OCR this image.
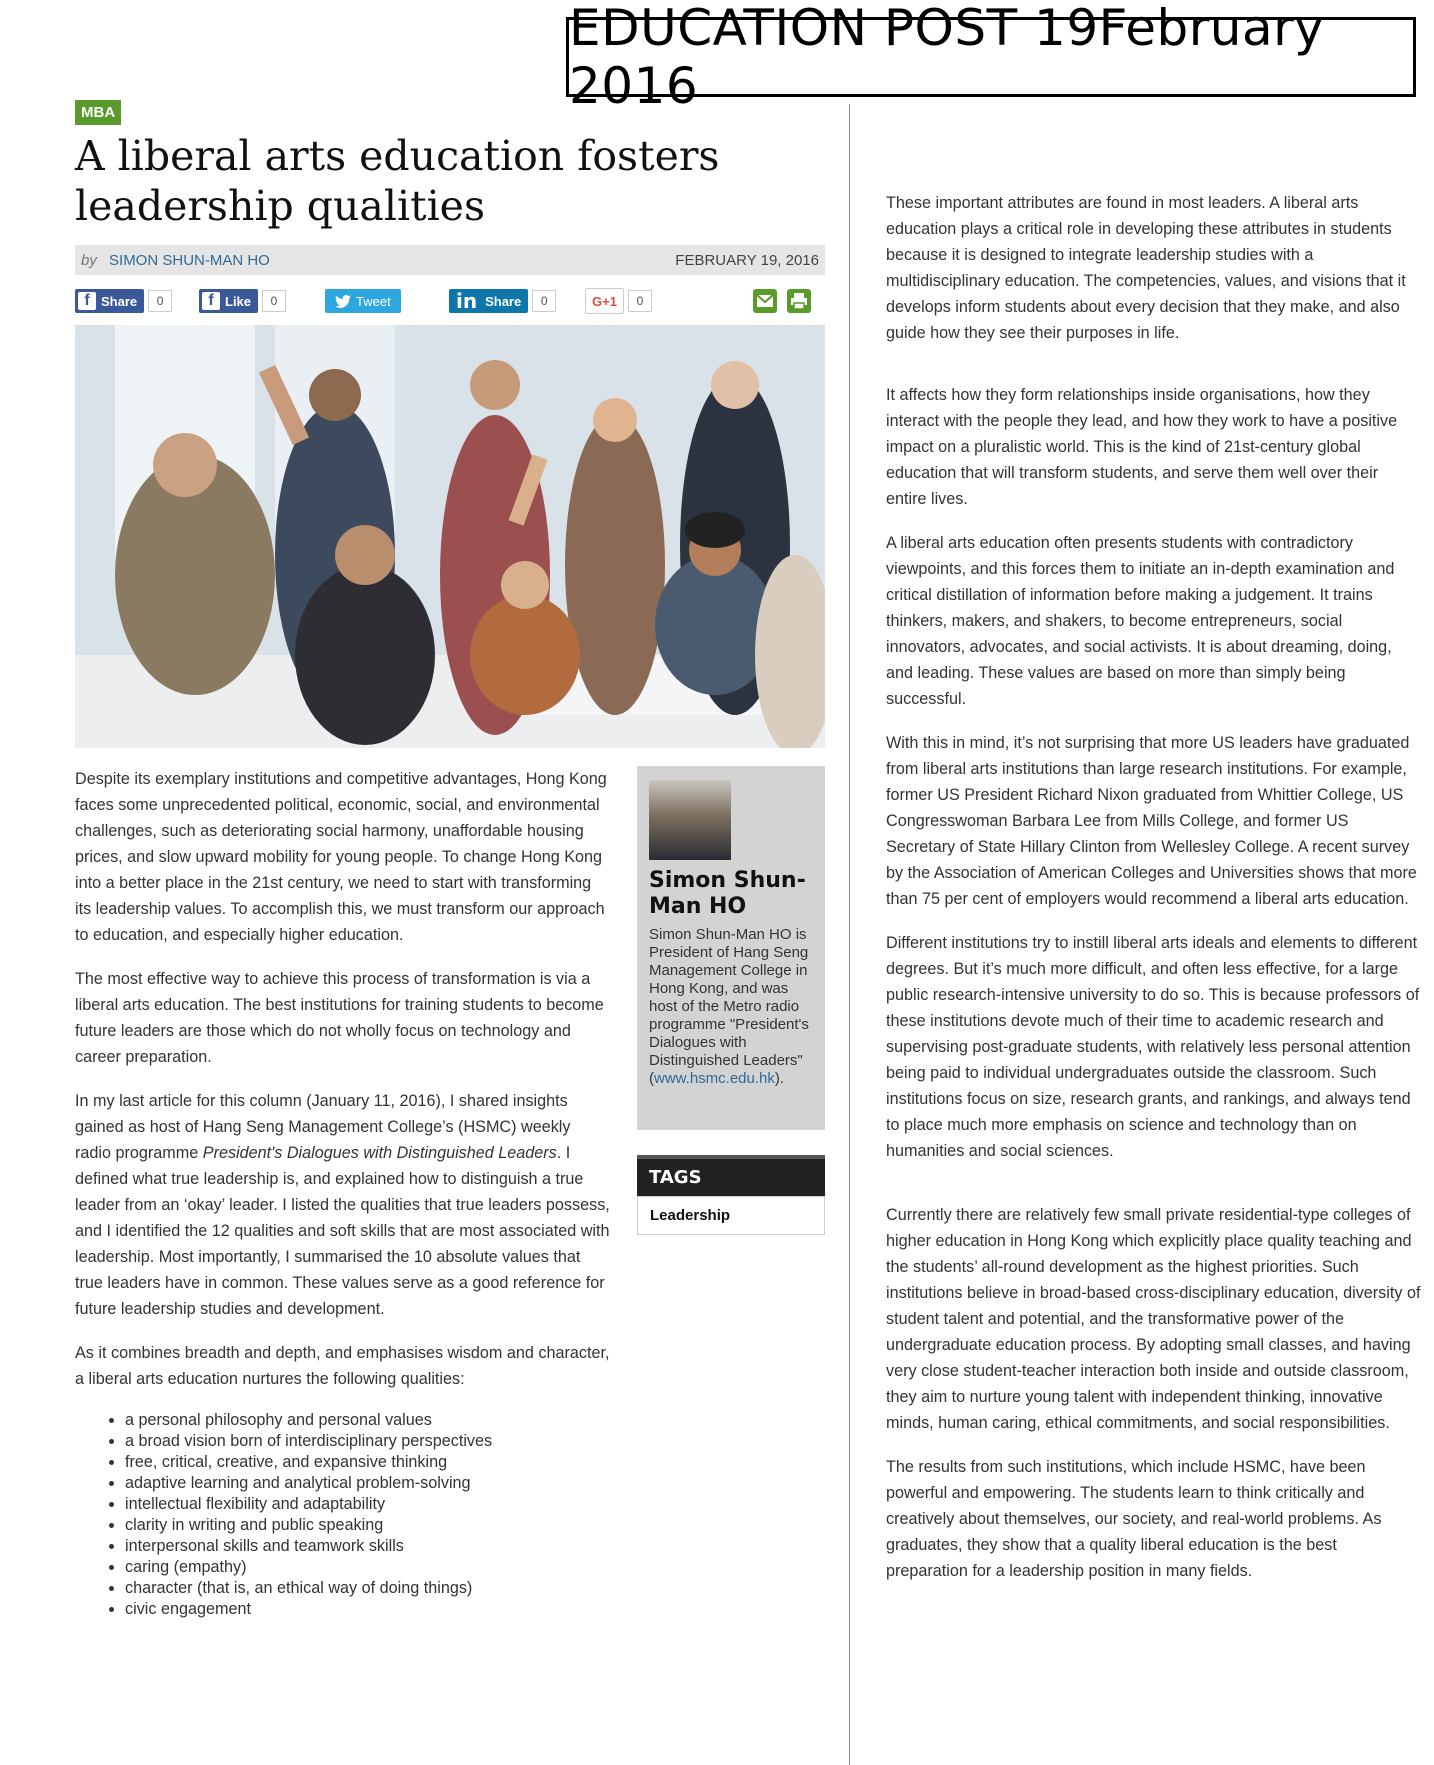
EDUCATION POST 19February 2016
MBA
A liberal arts education fosters leadership qualities
by SIMON SHUN-MAN HO	FEBRUARY 19, 2016
f Share	0	f Like	0	Tweet	in Share	0	G+1	0

Despite its exemplary institutions and competitive advantages, Hong Kong faces some unprecedented political, economic, social, and environmental challenges, such as deteriorating social harmony, unaffordable housing prices, and slow upward mobility for young people. To change Hong Kong into a better place in the 21st century, we need to start with transforming its leadership values. To accomplish this, we must transform our approach to education, and especially higher education.

The most effective way to achieve this process of transformation is via a liberal arts education. The best institutions for training students to become future leaders are those which do not wholly focus on technology and career preparation.

In my last article for this column (January 11, 2016), I shared insights gained as host of Hang Seng Management College’s (HSMC) weekly radio programme President's Dialogues with Distinguished Leaders. I defined what true leadership is, and explained how to distinguish a true leader from an ‘okay’ leader. I listed the qualities that true leaders possess, and I identified the 12 qualities and soft skills that are most associated with leadership. Most importantly, I summarised the 10 absolute values that true leaders have in common. These values serve as a good reference for future leadership studies and development.

As it combines breadth and depth, and emphasises wisdom and character, a liberal arts education nurtures the following qualities:

• a personal philosophy and personal values
• a broad vision born of interdisciplinary perspectives
• free, critical, creative, and expansive thinking
• adaptive learning and analytical problem-solving
• intellectual flexibility and adaptability
• clarity in writing and public speaking
• interpersonal skills and teamwork skills
• caring (empathy)
• character (that is, an ethical way of doing things)
• civic engagement
Simon Shun-Man HO
Simon Shun-Man HO is President of Hang Seng Management College in Hong Kong, and was host of the Metro radio programme "President's Dialogues with Distinguished Leaders" (www.hsmc.edu.hk).
TAGS
Leadership

These important attributes are found in most leaders. A liberal arts education plays a critical role in developing these attributes in students because it is designed to integrate leadership studies with a multidisciplinary education. The competencies, values, and visions that it develops inform students about every decision that they make, and also guide how they see their purposes in life.

It affects how they form relationships inside organisations, how they interact with the people they lead, and how they work to have a positive impact on a pluralistic world. This is the kind of 21st-century global education that will transform students, and serve them well over their entire lives.

A liberal arts education often presents students with contradictory viewpoints, and this forces them to initiate an in-depth examination and critical distillation of information before making a judgement. It trains thinkers, makers, and shakers, to become entrepreneurs, social innovators, advocates, and social activists. It is about dreaming, doing, and leading. These values are based on more than simply being successful.

With this in mind, it’s not surprising that more US leaders have graduated from liberal arts institutions than large research institutions. For example, former US President Richard Nixon graduated from Whittier College, US Congresswoman Barbara Lee from Mills College, and former US Secretary of State Hillary Clinton from Wellesley College. A recent survey by the Association of American Colleges and Universities shows that more than 75 per cent of employers would recommend a liberal arts education.

Different institutions try to instill liberal arts ideals and elements to different degrees. But it’s much more difficult, and often less effective, for a large public research-intensive university to do so. This is because professors of these institutions devote much of their time to academic research and supervising post-graduate students, with relatively less personal attention being paid to individual undergraduates outside the classroom. Such institutions focus on size, research grants, and rankings, and always tend to place much more emphasis on science and technology than on humanities and social sciences.

Currently there are relatively few small private residential-type colleges of higher education in Hong Kong which explicitly place quality teaching and the students’ all-round development as the highest priorities. Such institutions believe in broad-based cross-disciplinary education, diversity of student talent and potential, and the transformative power of the undergraduate education process. By adopting small classes, and having very close student-teacher interaction both inside and outside classroom, they aim to nurture young talent with independent thinking, innovative minds, human caring, ethical commitments, and social responsibilities.

The results from such institutions, which include HSMC, have been powerful and empowering. The students learn to think critically and creatively about themselves, our society, and real-world problems. As graduates, they show that a quality liberal education is the best preparation for a leadership position in many fields.
